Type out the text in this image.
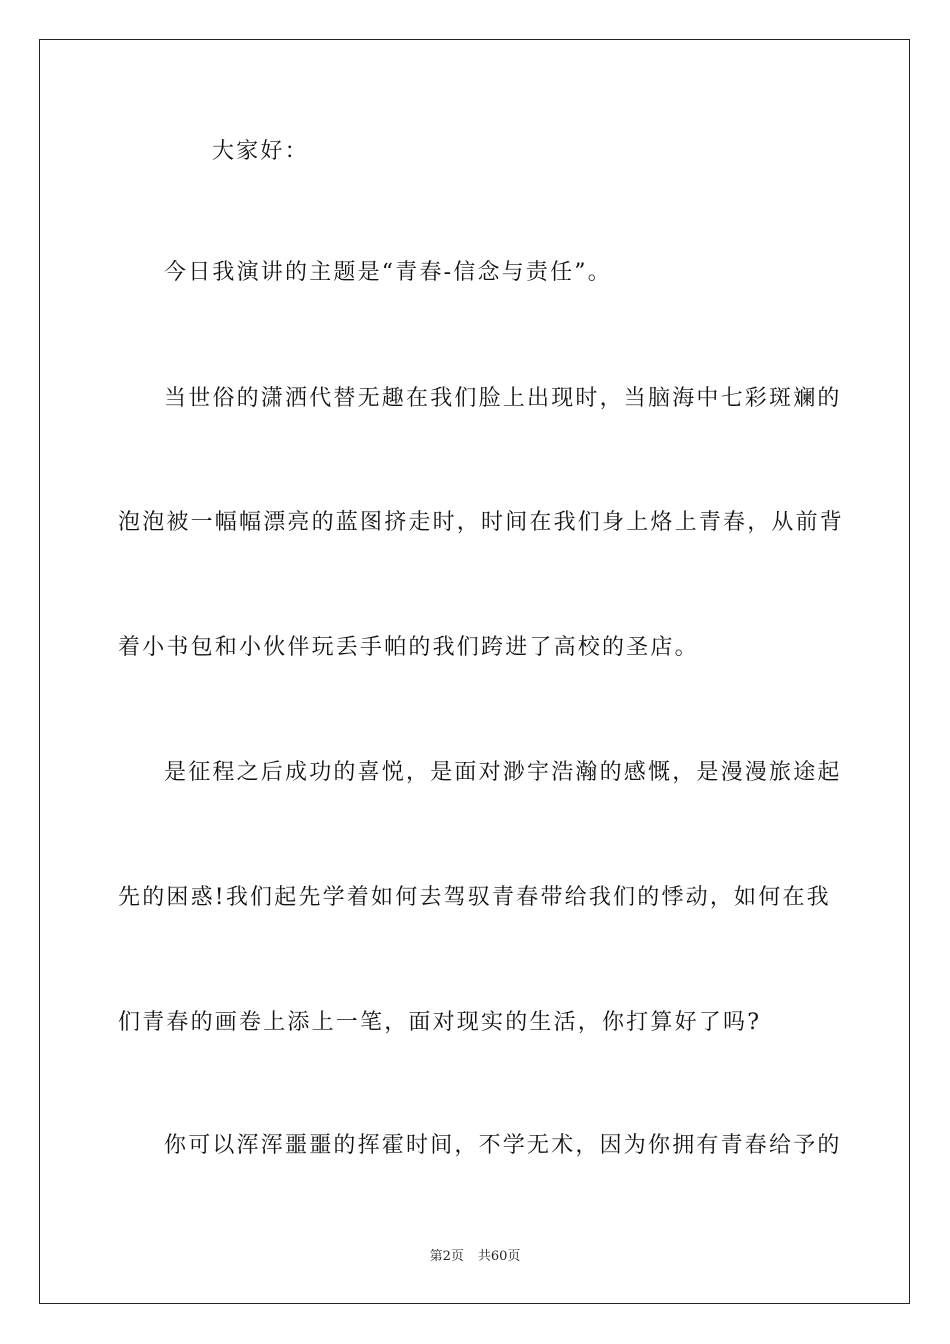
大家好：
今日我演讲的主题是“青春-信念与责任”。
当世俗的潇洒代替无趣在我们脸上出现时，当脑海中七彩斑斓的
泡泡被一幅幅漂亮的蓝图挤走时，时间在我们身上烙上青春，从前背
着小书包和小伙伴玩丢手帕的我们跨进了高校的圣店。
是征程之后成功的喜悦，是面对渺宇浩瀚的感慨，是漫漫旅途起
先的困惑!我们起先学着如何去驾驭青春带给我们的悸动，如何在我
们青春的画卷上添上一笔，面对现实的生活，你打算好了吗?
你可以浑浑噩噩的挥霍时间，不学无术，因为你拥有青春给予的
第2页 共60页
